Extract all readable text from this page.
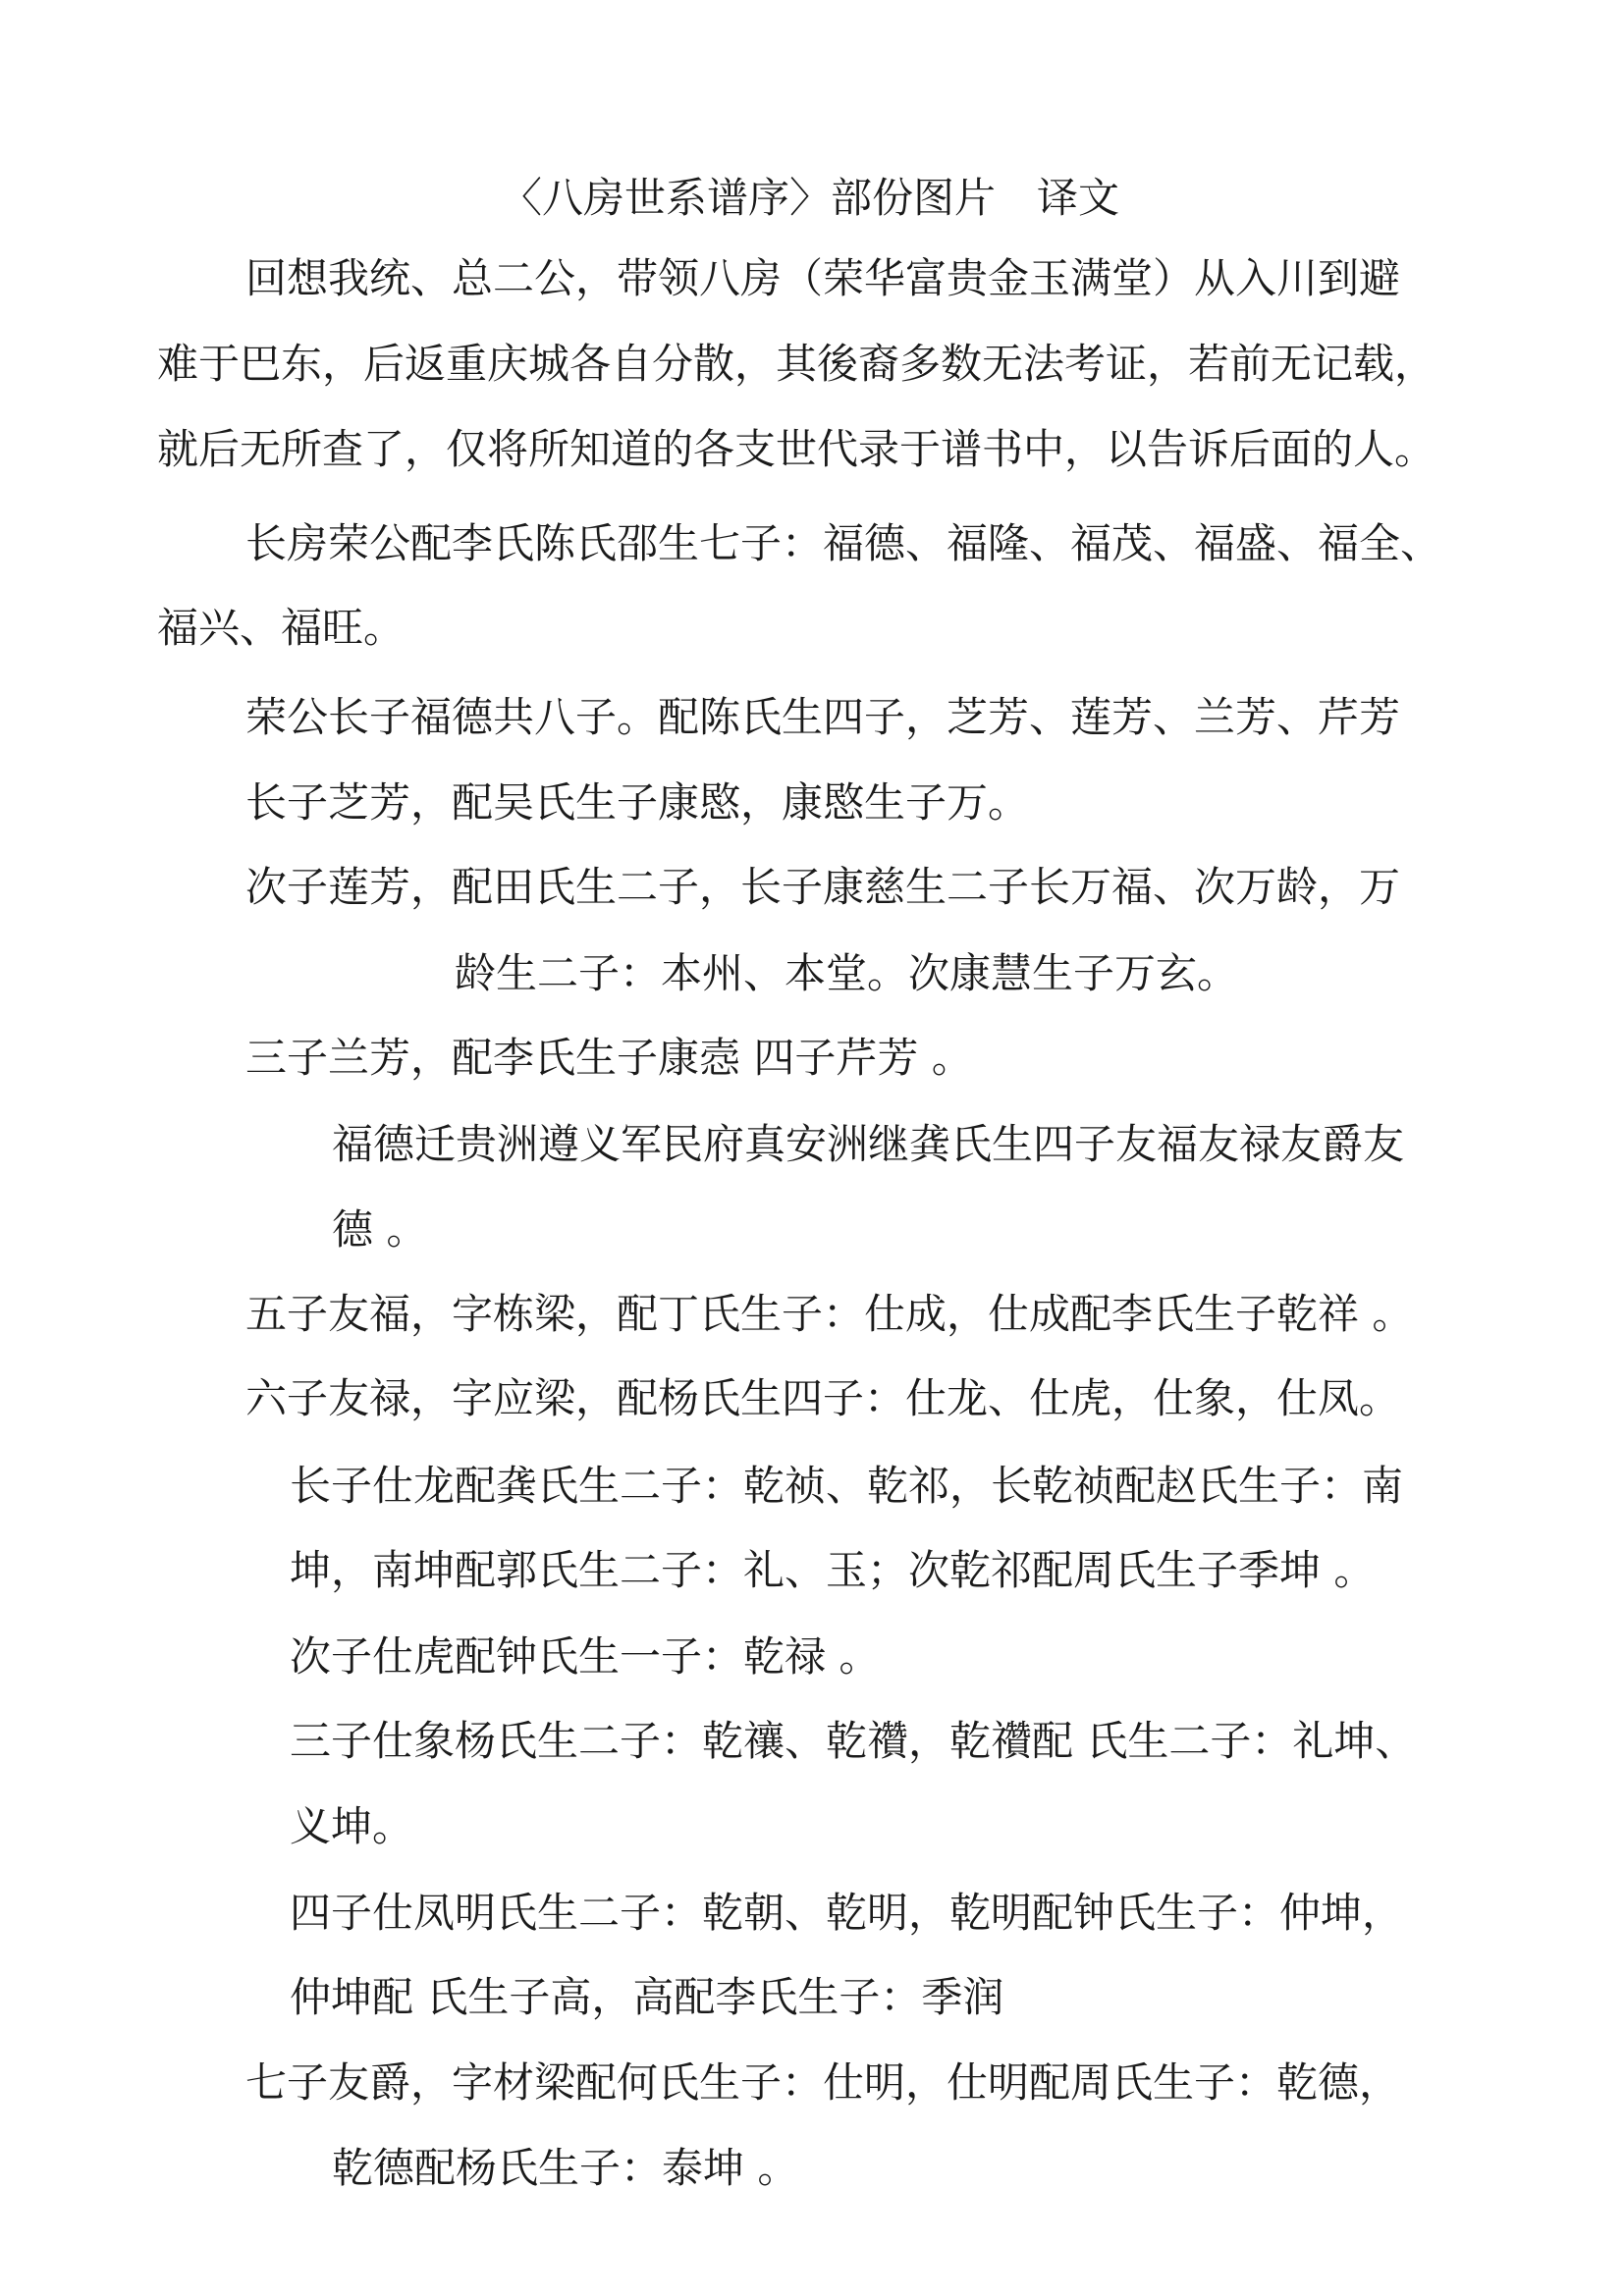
〈八房世系谱序〉部份图片　译文
回想我统、总二公，带领八房（荣华富贵金玉满堂）从入川到避
难于巴东，后返重庆城各自分散，其後裔多数无法考证，若前无记载，
就后无所查了，仅将所知道的各支世代录于谱书中，以告诉后面的人。
长房荣公配李氏陈氏邵生七子：福德、福隆、福茂、福盛、福全、
福兴、福旺。
荣公长子福德共八子。配陈氏生四子，芝芳、莲芳、兰芳、芹芳
长子芝芳，配吴氏生子康愍，康愍生子万。
次子莲芳，配田氏生二子，长子康慈生二子长万福、次万龄，万
龄生二子：本州、本堂。次康慧生子万玄。
三子兰芳，配李氏生子康悫 四子芹芳 。
福德迁贵洲遵义军民府真安洲继龚氏生四子友福友禄友爵友
德 。
五子友福，字栋梁，配丁氏生子：仕成，仕成配李氏生子乾祥 。
六子友禄，字应梁，配杨氏生四子：仕龙、仕虎，仕象，仕凤。
长子仕龙配龚氏生二子：乾祯、乾祁，长乾祯配赵氏生子：南
坤，南坤配郭氏生二子：礼、玉；次乾祁配周氏生子季坤 。
次子仕虎配钟氏生一子：乾禄 。
三子仕象杨氏生二子：乾禳、乾禶，乾禶配 氏生二子：礼坤、
义坤。
四子仕凤明氏生二子：乾朝、乾明，乾明配钟氏生子：仲坤，
仲坤配 氏生子高，高配李氏生子：季润
七子友爵，字材梁配何氏生子：仕明，仕明配周氏生子：乾德，
乾德配杨氏生子：泰坤 。
